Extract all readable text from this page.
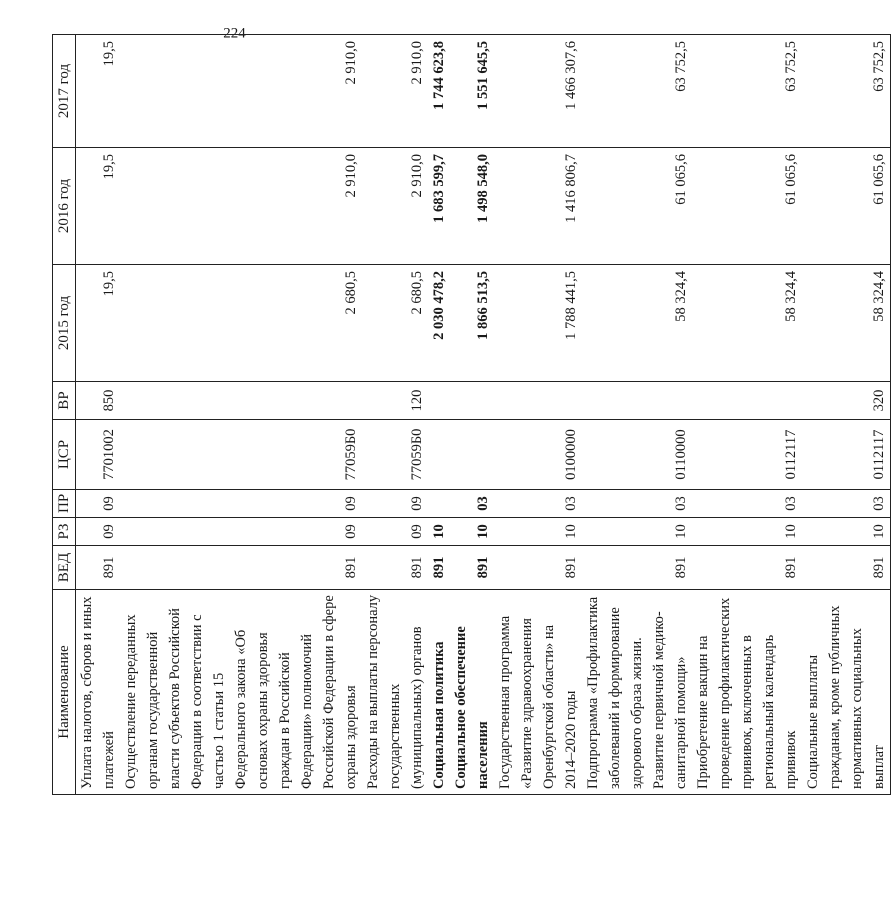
224
Наименование	ВЕД	РЗ	ПР	ЦСР	ВР	2015 год	2016 год	2017 год
Уплата налогов, сборов и иных платежей	891	09	09	7701002	850	19,5	19,5	19,5
Осуществление переданных органам государственной власти субъектов Российской Федерации в соответствии с частью 1 статьи 15 Федерального закона «Об основах охраны здоровья граждан в Российской Федерации» полномочий Российской Федерации в сфере охраны здоровья	891	09	09	77059Б0		2 680,5	2 910,0	2 910,0
Расходы на выплаты персоналу государственных (муниципальных) органов	891	09	09	77059Б0	120	2 680,5	2 910,0	2 910,0
Социальная политика	891	10				2 030 478,2	1 683 599,7	1 744 623,8
Социальное обеспечение населения	891	10	03			1 866 513,5	1 498 548,0	1 551 645,5
Государственная программа «Развитие здравоохранения Оренбургской области» на 2014–2020 годы	891	10	03	0100000		1 788 441,5	1 416 806,7	1 466 307,6
Подпрограмма «Профилактика заболеваний и формирование здорового образа жизни. Развитие первичной медико-санитарной помощи»	891	10	03	0110000		58 324,4	61 065,6	63 752,5
Приобретение вакцин на проведение профилактических прививок, включенных в региональный календарь прививок	891	10	03	0112117		58 324,4	61 065,6	63 752,5
Социальные выплаты гражданам, кроме публичных нормативных социальных выплат	891	10	03	0112117	320	58 324,4	61 065,6	63 752,5
